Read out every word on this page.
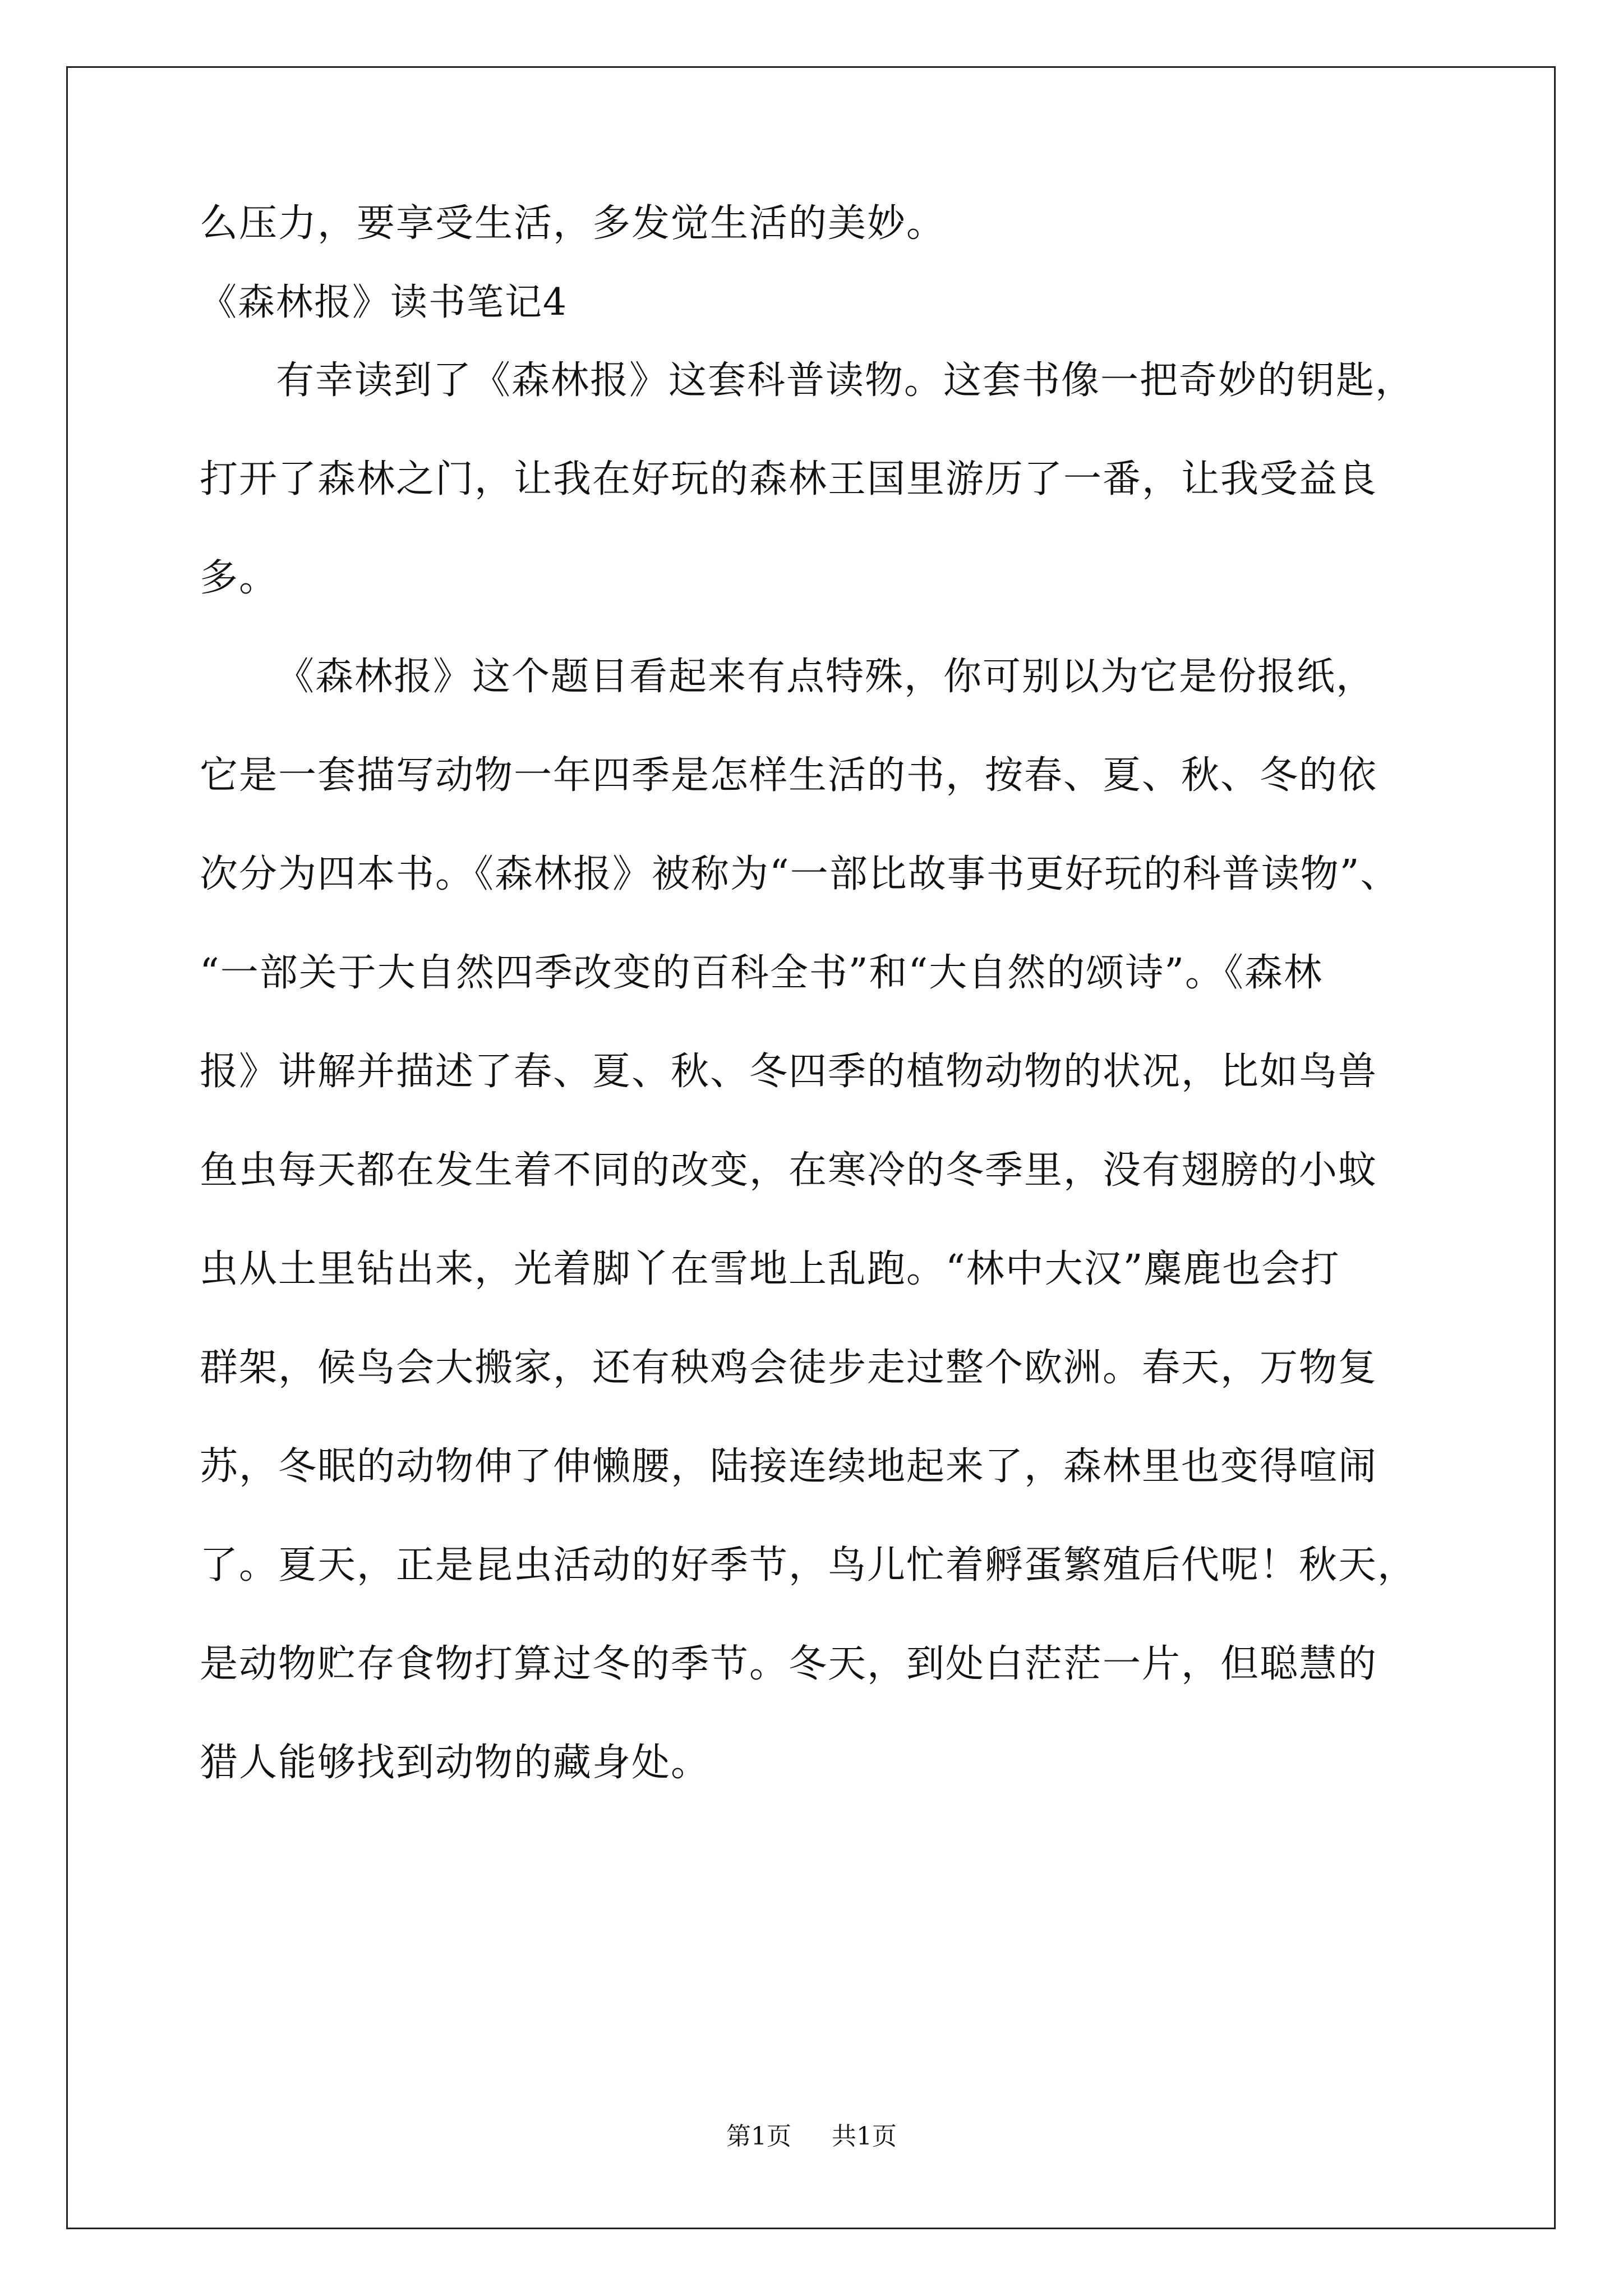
么压力，要享受生活，多发觉生活的美妙。
《森林报》读书笔记4
有幸读到了《森林报》这套科普读物。这套书像一把奇妙的钥匙，
打开了森林之门，让我在好玩的森林王国里游历了一番，让我受益良
多。
《森林报》这个题目看起来有点特殊，你可别以为它是份报纸，
它是一套描写动物一年四季是怎样生活的书，按春、夏、秋、冬的依
次分为四本书。《森林报》被称为“一部比故事书更好玩的科普读物”、
“一部关于大自然四季改变的百科全书”和“大自然的颂诗”。《森林
报》讲解并描述了春、夏、秋、冬四季的植物动物的状况，比如鸟兽
鱼虫每天都在发生着不同的改变，在寒冷的冬季里，没有翅膀的小蚊
虫从土里钻出来，光着脚丫在雪地上乱跑。“林中大汉”麋鹿也会打
群架，候鸟会大搬家，还有秧鸡会徒步走过整个欧洲。春天，万物复
苏，冬眠的动物伸了伸懒腰，陆接连续地起来了，森林里也变得喧闹
了。夏天，正是昆虫活动的好季节，鸟儿忙着孵蛋繁殖后代呢！秋天，
是动物贮存食物打算过冬的季节。冬天，到处白茫茫一片，但聪慧的
猎人能够找到动物的藏身处。
第1页 共1页
